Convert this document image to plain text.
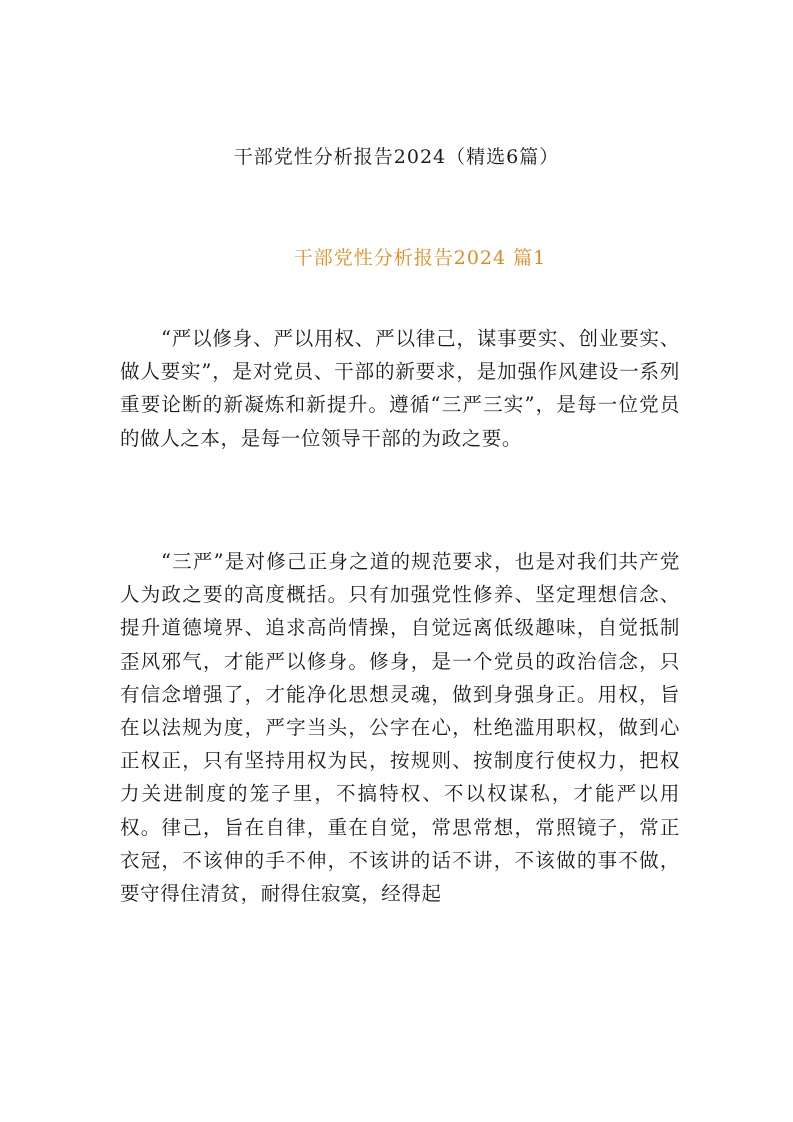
干部党性分析报告2024（精选6篇）
干部党性分析报告2024 篇1

“严以修身、严以用权、严以律己，谋事要实、创业要实、做人要实”，是对党员、干部的新要求，是加强作风建设一系列重要论断的新凝炼和新提升。遵循“三严三实”，是每一位党员的做人之本，是每一位领导干部的为政之要。

“三严”是对修己正身之道的规范要求，也是对我们共产党人为政之要的高度概括。只有加强党性修养、坚定理想信念、提升道德境界、追求高尚情操，自觉远离低级趣味，自觉抵制歪风邪气，才能严以修身。修身，是一个党员的政治信念，只有信念增强了，才能净化思想灵魂，做到身强身正。用权，旨在以法规为度，严字当头，公字在心，杜绝滥用职权，做到心正权正，只有坚持用权为民，按规则、按制度行使权力，把权力关进制度的笼子里，不搞特权、不以权谋私，才能严以用权。律己，旨在自律，重在自觉，常思常想，常照镜子，常正衣冠，不该伸的手不伸，不该讲的话不讲，不该做的事不做，要守得住清贫，耐得住寂寞，经得起
